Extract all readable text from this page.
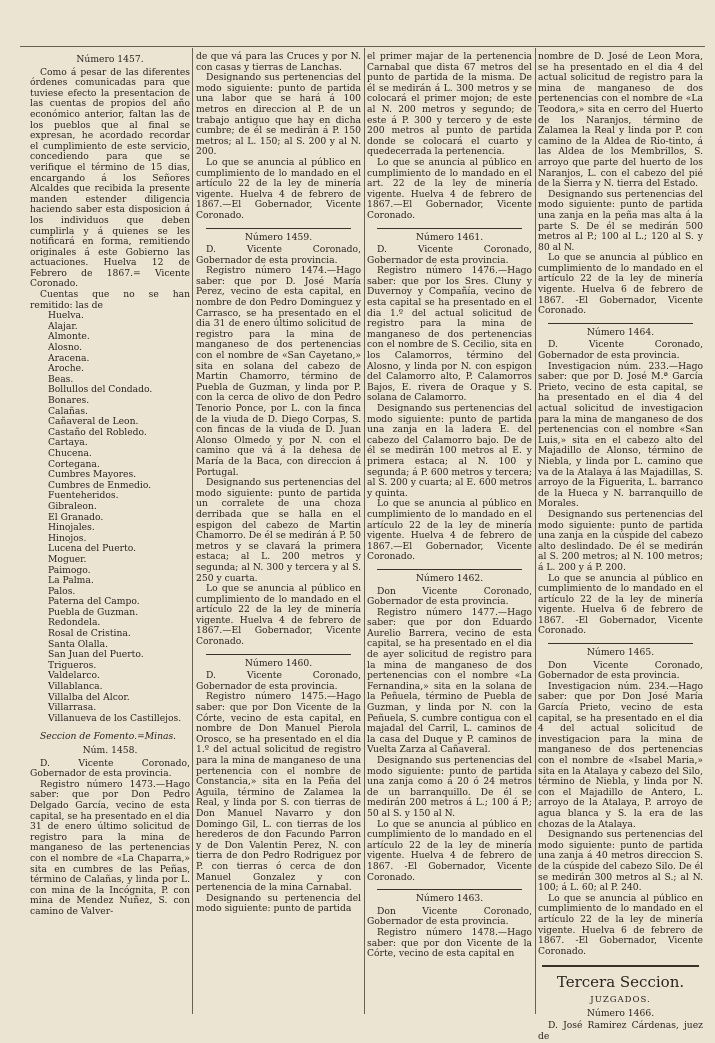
Número 1457.

Como á pesar de las diferentes órdenes comunicadas para que tuviese efecto la presentacion de las cuentas de propios del año económico anterior, faltan las de los pueblos que al final se expresan, he acordado recordar el cumplimiento de este servicio, concediendo para que se verifique el término de 15 dias, encargando á los Señores Alcaldes que recibida la presente manden estender diligencia haciendo saber esta disposicion á los individuos que deben cumplirla y á quienes se les notificará en forma, remitiendo originales á este Gobierno las actuaciones. Huelva 12 de Febrero de 1867.= Vicente Coronado.

Cuentas que no se han remitido: las de

Huelva.
Alajar.
Almonte.
Alosno.
Aracena.
Aroche.
Beas.
Bollullos del Condado.
Bonares.
Calañas.
Cañaveral de Leon.
Castaño del Robledo.
Cartaya.
Chucena.
Cortegana.
Cumbres Mayores.
Cumbres de Enmedio.
Fuenteheridos.
Gibraleon.
El Granado.
Hinojales.
Hinojos.
Lucena del Puerto.
Moguer.
Paimogo.
La Palma.
Palos.
Paterna del Campo.
Puebla de Guzman.
Redondela.
Rosal de Cristina.
Santa Olalla.
San Juan del Puerto.
Trigueros.
Valdelarco.
Villablanca.
Villalba del Alcor.
Villarrasa.
Villanueva de los Castillejos.

Seccion de Fomento.=Minas.

Núm. 1458.

D. Vicente Coronado, Gobernador de esta provincia.

Registro número 1473.—Hago saber: que por Don Pedro Delgado García, vecino de esta capital, se ha presentado en el dia 31 de enero último solicitud de registro para la mina de manganeso de las pertenencias con el nombre de «La Chaparra,» sita en cumbres de las Peñas, término de Calañas, y linda por L. con mina de la Incógnita, P. con mina de Mendez Nuñez, S. con camino de Valver-

de que vá para las Cruces y por N. con casas y tierras de Lanchas.

Designando sus pertenencias del modo siguiente: punto de partida una labor que se hará á 100 metros en direccion al P. de un trabajo antiguo que hay en dicha cumbre; de él se medirán á P. 150 metros; al L. 150; al S. 200 y al N. 200.

Lo que se anuncia al público en cumplimiento de lo mandado en el artículo 22 de la ley de minería vigente. Huelva 4 de febrero de 1867.—El Gobernador, Vicente Coronado.

Número 1459.

D. Vicente Coronado, Gobernador de esta provincia.

Registro número 1474.—Hago saber: que por D. José María Perez, vecino de esta capital, en nombre de don Pedro Dominguez y Carrasco, se ha presentado en el dia 31 de enero último solicitud de registro para la mina de manganeso de dos pertenencias con el nombre de «San Cayetano,» sita en solana del cabezo de Martin Chamorro, término de Puebla de Guzman, y linda por P. con la cerca de olivo de don Pedro Tenorio Ponce, por L. con la finca de la viuda de D. Diego Corpas, S. con fincas de la viuda de D. Juan Alonso Olmedo y por N. con el camino que vá á la dehesa de María de la Baca, con direccion á Portugal.

Designando sus pertenencias del modo siguiente: punto de partida un corralete de una choza derribada que se halla en el espigon del cabezo de Martin Chamorro. De él se medirán á P. 50 metros y se clavará la primera estaca; al L. 200 metros y segunda; al N. 300 y tercera y al S. 250 y cuarta.

Lo que se anuncia al público en cumplimiento de lo mandado en el artículo 22 de la ley de minería vigente. Huelva 4 de febrero de 1867.—El Gobernador, Vicente Coronado.

Número 1460.

D. Vicente Coronado, Gobernador de esta provincia.

Registro número 1475.—Hago saber: que por Don Vicente de la Córte, vecino de esta capital, en nombre de Don Manuel Pierola Orosco, se ha presentado en el dia 1.º del actual solicitud de registro para la mina de manganeso de una pertenencia con el nombre de Constancia,» sita en la Peña del Aguila, término de Zalamea la Real, y linda por S. con tierras de Don Manuel Navarro y don Domingo Gil, L. con tierras de los herederos de don Facundo Parron y de Don Valentin Perez, N. con tierra de don Pedro Rodriguez por P. con tierras ó cerca de don Manuel Gonzalez y con pertenencia de la mina Carnabal.

Designando su pertenencia del modo siguiente: punto de partida

el primer majar de la pertenencia Carnabal que dista 67 metros del punto de partida de la misma. De él se medirán á L. 300 metros y se colocará el primer mojon; de este al N. 200 metros y segundo; de este á P. 300 y tercero y de este 200 metros al punto de partida donde se colocará el cuarto y quedecerrada la pertenencia.

Lo que se anuncia al público en cumplimiento de lo mandado en el art. 22 de la ley de minería vigente. Huelva 4 de febrero de 1867.—El Gobernador, Vicente Coronado.

Número 1461.

D. Vicente Coronado, Gobernador de esta provincia.

Registro número 1476.—Hago saber: que por los Sres. Cluny y Duvernoy y Compañía, vecino de esta capital se ha presentado en el dia 1.º del actual solicitud de registro para la mina de manganeso de dos pertenencias con el nombre de S. Cecilio, sita en los Calamorros, término del Alosno, y linda por N. con espigon del Calamorro alto, P. Calamorros Bajos, E. rivera de Oraque y S. solana de Calamorro.

Designando sus pertenencias del modo siguiente: punto de partida una zanja en la ladera E. del cabezo del Calamorro bajo. De de él se medirán 100 metros al E. y primera estaca; al N. 100 y segunda; á P. 600 metros y tercera; al S. 200 y cuarta; al E. 600 metros y quinta.

Lo que se anuncia al público en cumplimiento de lo mandado en el artículo 22 de la ley de minería vigente. Huelva 4 de febrero de 1867.—El Gobernador, Vicente Coronado.

Número 1462.

Don Vicente Coronado, Gobernador de esta provincia.

Registro número 1477.—Hago saber: que por don Eduardo Aurelio Barrera, vecino de esta capital, se ha presentado en el dia de ayer solicitud de registro para la mina de manganeso de dos pertenencias con el nombre «La Fernandina,» sita en la solana de la Peñuela, término de Puebla de Guzman, y linda por N. con la Peñuela, S. cumbre contigua con el majadal del Carril, L. caminos de la casa del Duque y P. caminos de Vuelta Zarza al Cañaveral.

Designando sus pertenencias del modo siguiente: punto de partida una zanja como á 20 ó 24 metros de un barranquillo. De él se medirán 200 metros á L.; 100 á P.; 50 al S. y 150 al N.

Lo que se anuncia al público en cumplimiento de lo mandado en el artículo 22 de la ley de minería vigente. Huelva 4 de febrero de 1867. -El Gobernador, Vicente Coronado.

Número 1463.

Don Vicente Coronado, Gobernador de esta provincia.

Registro número 1478.—Hago saber: que por don Vicente de la Córte, vecino de esta capital en

nombre de D. José de Leon Mora, se ha presentado en el dia 4 del actual solicitud de registro para la mina de manganeso de dos pertenencias con el nombre de «La Teodora,» sita en cerro del Huerto de los Naranjos, término de Zalamea la Real y linda por P. con camino de la Aldea de Rio-tinto, á las Aldea de los Membrillos, S. arroyo que parte del huerto de los Naranjos, L. con el cabezo del pié de la Sierra y N. tierra del Estado.

Designando sus pertenencias del modo siguiente: punto de partida una zanja en la peña mas alta á la parte S. De él se medirán 500 metros al P.; 100 al L.; 120 al S. y 80 al N.

Lo que se anuncia al público en cumplimiento de lo mandado en el artículo 22 de la ley de minería vigente. Huelva 6 de febrero de 1867. -El Gobernador, Vicente Coronado.

Número 1464.

D. Vicente Coronado, Gobernador de esta provincia.

Investigacion núm. 233.—Hago saber: que por D. José M.ª García Prieto, vecino de esta capital, se ha presentado en el dia 4 del actual solicitud de investigacion para la mina de manganeso de dos pertenencias con el nombre «San Luis,» sita en el cabezo alto del Majadillo de Alonso, término de Niebla, y linda por L. camino que va de la Atalaya á las Majadillas, S. arroyo de la Figuerita, L. barranco de la Hueca y N. barranquillo de Morales.

Designando sus pertenencias del modo siguiente: punto de partida una zanja en la cúspide del cabezo alto deslindado. De él se medirán al S. 200 metros; al N. 100 metros; á L. 200 y á P. 200.

Lo que se anuncia al público en cumplimiento de lo mandado en el artículo 22 de la ley de minería vigente. Huelva 6 de febrero de 1867. -El Gobernador, Vicente Coronado.

Número 1465.

Don Vicente Coronado, Gobernador de esta provincia.

Investigacion núm. 234.—Hago saber: que por Don José María García Prieto, vecino de esta capital, se ha presentado en el dia 4 del actual solicitud de investigacion para la mina de manganeso de dos pertenencias con el nombre de «Isabel Maria,» sita en la Atalaya y cabezo del Silo, término de Niebla, y linda por N. con el Majadillo de Antero, L. arroyo de la Atalaya, P. arroyo de agua blanca y S. la era de las chozas de la Atalaya.

Designando sus pertenencias del modo siguiente: punto de partida una zanja á 40 metros direccion S. de la cúspide del cabezo Silo. De él se medirán 300 metros al S.; al N. 100; á L. 60; al P. 240.

Lo que se anuncia al público en cumplimiento de lo mandado en el artículo 22 de la ley de minería vigente. Huelva 6 de febrero de 1867. -El Gobernador, Vicente Coronado.

Tercera Seccion.
JUZGADOS.
Número 1466.

D. José Ramirez Cárdenas, juez de
